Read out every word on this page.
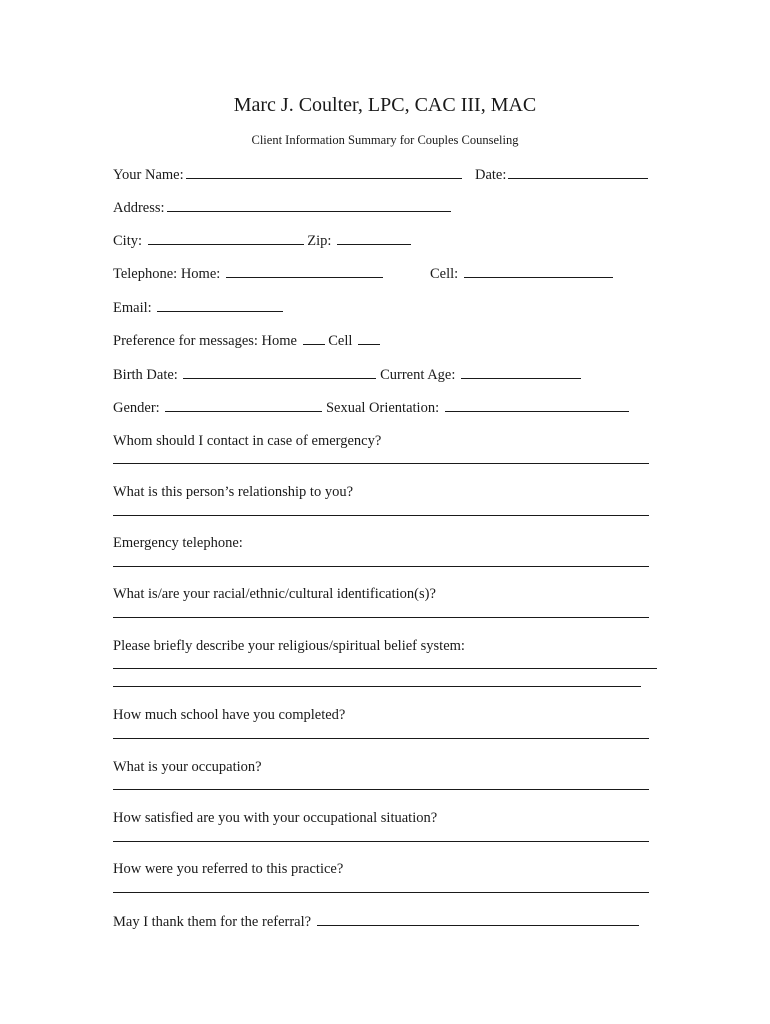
Marc J. Coulter, LPC, CAC III, MAC
Client Information Summary for Couples Counseling
Your Name:	Date:
Address:
City:	Zip:
Telephone: Home:	Cell:
Email:
Preference for messages: Home Cell
Birth Date:	Current Age:
Gender:	Sexual Orientation:
Whom should I contact in case of emergency?
What is this person’s relationship to you?
Emergency telephone:
What is/are your racial/ethnic/cultural identification(s)?
Please briefly describe your religious/spiritual belief system:
How much school have you completed?
What is your occupation?
How satisfied are you with your occupational situation?
How were you referred to this practice?
May I thank them for the referral?
